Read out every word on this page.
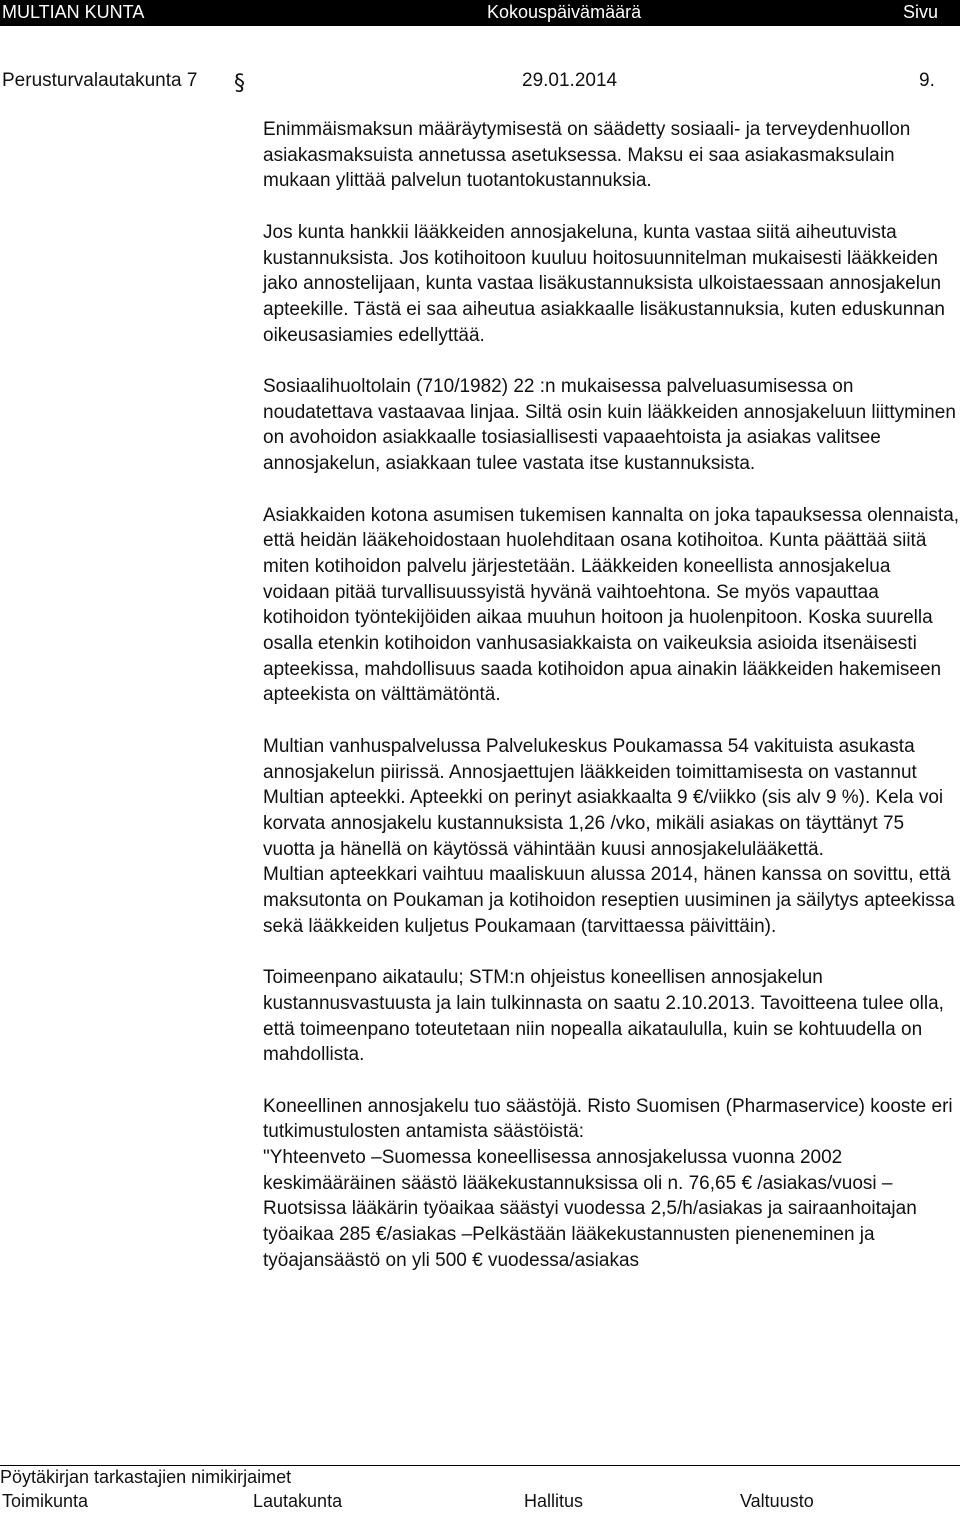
MULTIAN KUNTA	Kokouspäivämäärä	Sivu
Perusturvalautakunta 7 §	29.01.2014	9.

Enimmäismaksun määräytymisestä on säädetty sosiaali- ja terveydenhuollon asiakasmaksuista annetussa asetuksessa. Maksu ei saa asiakasmaksulain mukaan ylittää palvelun tuotantokustannuksia.

Jos kunta hankkii lääkkeiden annosjakeluna, kunta vastaa siitä aiheutuvista kustannuksista. Jos kotihoitoon kuuluu hoitosuunnitelman mukaisesti lääkkeiden jako annostelijaan, kunta vastaa lisäkustannuksista ulkoistaessaan annosjakelun apteekille. Tästä ei saa aiheutua asiakkaalle lisäkustannuksia, kuten eduskunnan oikeusasiamies edellyttää.

Sosiaalihuoltolain (710/1982) 22 :n mukaisessa palveluasumisessa on noudatettava vastaavaa linjaa. Siltä osin kuin lääkkeiden annosjakeluun liittyminen on avohoidon asiakkaalle tosiasiallisesti vapaaehtoista ja asiakas valitsee annosjakelun, asiakkaan tulee vastata itse kustannuksista.

Asiakkaiden kotona asumisen tukemisen kannalta on joka tapauksessa olennaista, että heidän lääkehoidostaan huolehditaan osana kotihoitoa. Kunta päättää siitä miten kotihoidon palvelu järjestetään. Lääkkeiden koneellista annosjakelua voidaan pitää turvallisuussyistä hyvänä vaihtoehtona. Se myös vapauttaa kotihoidon työntekijöiden aikaa muuhun hoitoon ja huolenpitoon. Koska suurella osalla etenkin kotihoidon vanhusasiakkaista on vaikeuksia asioida itsenäisesti apteekissa, mahdollisuus saada kotihoidon apua ainakin lääkkeiden hakemiseen apteekista on välttämätöntä.

Multian vanhuspalvelussa Palvelukeskus Poukamassa 54 vakituista asukasta annosjakelun piirissä. Annosjaettujen lääkkeiden toimittamisesta on vastannut Multian apteekki. Apteekki on perinyt asiakkaalta 9 €/viikko (sis alv 9 %). Kela voi korvata annosjakelu kustannuksista 1,26 /vko, mikäli asiakas on täyttänyt 75 vuotta ja hänellä on käytössä vähintään kuusi annosjakelulääkettä.

Multian apteekkari vaihtuu maaliskuun alussa 2014, hänen kanssa on sovittu, että maksutonta on Poukaman ja kotihoidon reseptien uusiminen ja säilytys apteekissa sekä lääkkeiden kuljetus Poukamaan (tarvittaessa päivittäin).

Toimeenpano aikataulu; STM:n ohjeistus koneellisen annosjakelun kustannusvastuusta ja lain tulkinnasta on saatu 2.10.2013. Tavoitteena tulee olla, että toimeenpano toteutetaan niin nopealla aikataululla, kuin se kohtuudella on mahdollista.

Koneellinen annosjakelu tuo säästöjä. Risto Suomisen (Pharmaservice) kooste eri tutkimustulosten antamista säästöistä:

"Yhteenveto –Suomessa koneellisessa annosjakelussa vuonna 2002 keskimääräinen säästö lääkekustannuksissa oli n. 76,65 € /asiakas/vuosi –Ruotsissa lääkärin työaikaa säästyi vuodessa 2,5/h/asiakas ja sairaanhoitajan työaikaa 285 €/asiakas –Pelkästään lääkekustannusten pieneneminen ja työajansäästö on yli 500 € vuodessa/asiakas

Pöytäkirjan tarkastajien nimikirjaimet
Toimikunta	Lautakunta	Hallitus	Valtuusto
